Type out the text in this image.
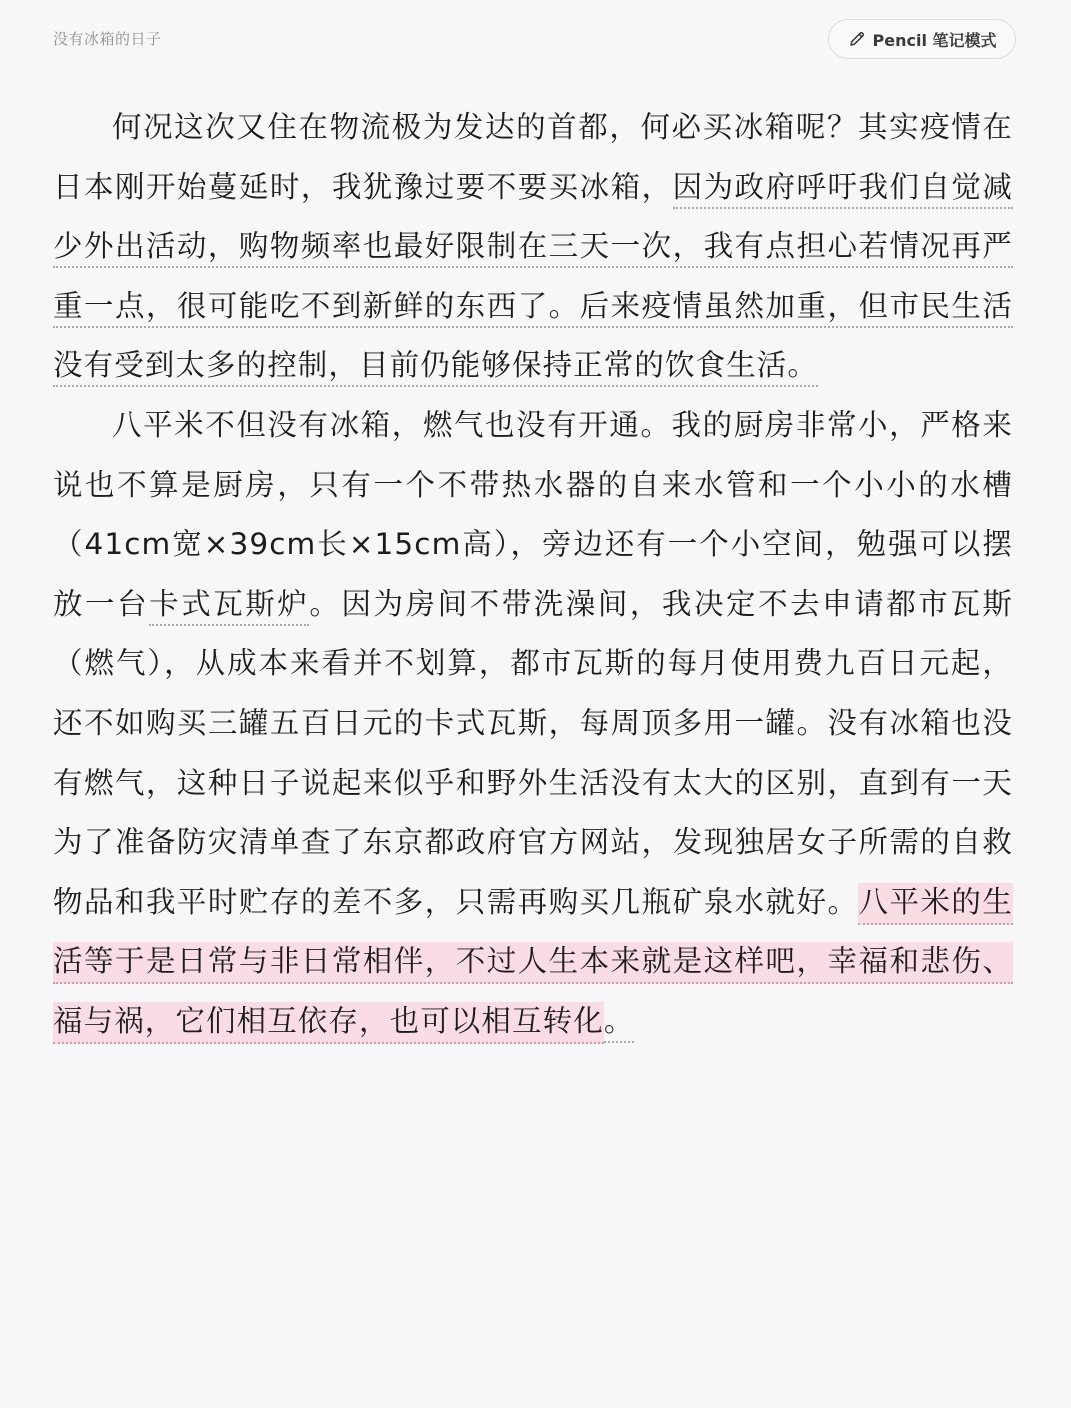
没有冰箱的日子	Pencil 笔记模式

何况这次又住在物流极为发达的首都，何必买冰箱呢？其实疫情在日本刚开始蔓延时，我犹豫过要不要买冰箱，因为政府呼吁我们自觉减少外出活动，购物频率也最好限制在三天一次，我有点担心若情况再严重一点，很可能吃不到新鲜的东西了。后来疫情虽然加重，但市民生活没有受到太多的控制，目前仍能够保持正常的饮食生活。

八平米不但没有冰箱，燃气也没有开通。我的厨房非常小，严格来说也不算是厨房，只有一个不带热水器的自来水管和一个小小的水槽（41cm宽×39cm长×15cm高），旁边还有一个小空间，勉强可以摆放一台卡式瓦斯炉。因为房间不带洗澡间，我决定不去申请都市瓦斯（燃气），从成本来看并不划算，都市瓦斯的每月使用费九百日元起，还不如购买三罐五百日元的卡式瓦斯，每周顶多用一罐。没有冰箱也没有燃气，这种日子说起来似乎和野外生活没有太大的区别，直到有一天为了准备防灾清单查了东京都政府官方网站，发现独居女子所需的自救物品和我平时贮存的差不多，只需再购买几瓶矿泉水就好。八平米的生活等于是日常与非日常相伴，不过人生本来就是这样吧，幸福和悲伤、福与祸，它们相互依存，也可以相互转化。
